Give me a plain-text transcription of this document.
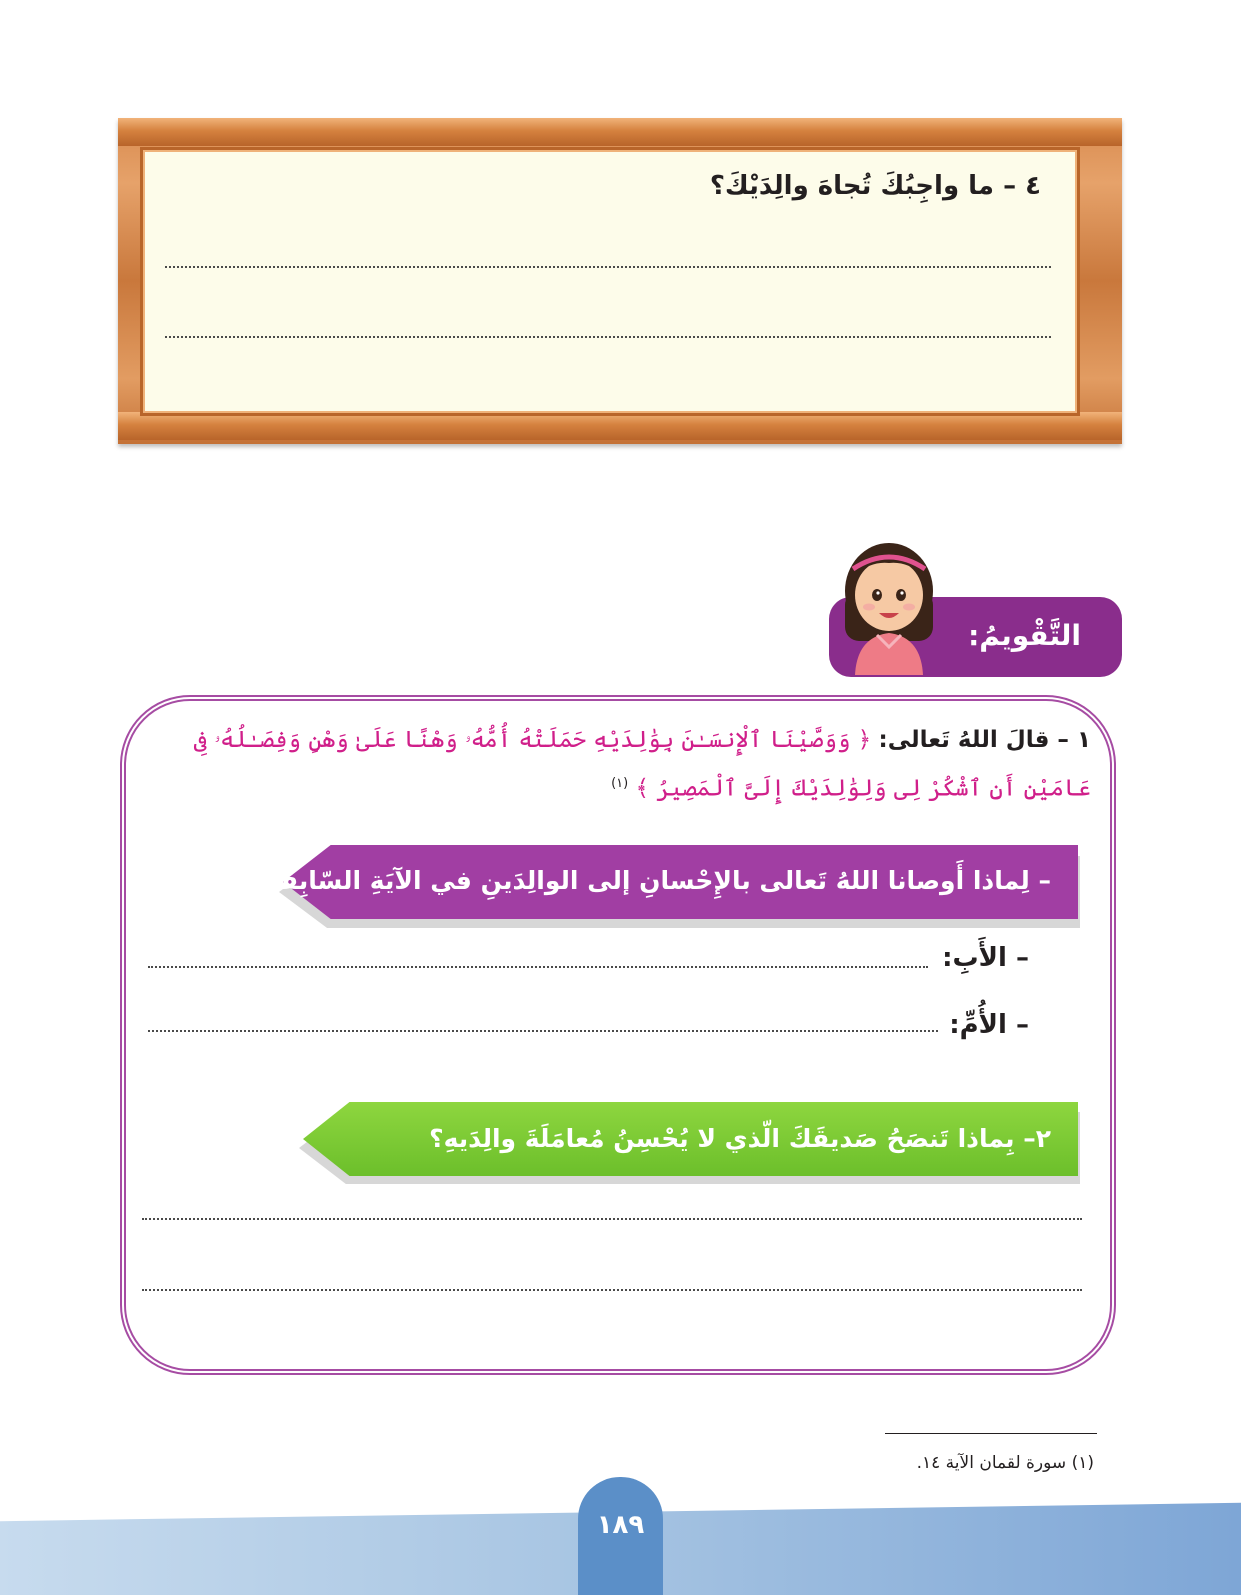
٤ – ما واجِبُكَ تُجاهَ والِدَيْكَ؟
التَّقْويمُ:
١ – قالَ اللهُ تَعالى: ﴿ وَوَصَّيْنَا ٱلْإِنسَـٰنَ بِوَٰلِدَيْهِ حَمَلَتْهُ أُمُّهُۥ وَهْنًا عَلَىٰ وَهْنٍ وَفِصَـٰلُهُۥ فِى عَامَيْنِ أَنِ ٱشْكُرْ لِى وَلِوَٰلِدَيْكَ إِلَىَّ ٱلْمَصِيرُ ﴾ $^{(١)}$
– لِماذا أَوصانا اللهُ تَعالى بالإِحْسانِ إلى الوالِدَينِ في الآيَةِ السّابِقَةِ؟
– الأَبِ:
– الأُمِّ:
٢– بِماذا تَنصَحُ صَديقَكَ الّذي لا يُحْسِنُ مُعامَلَةَ والِدَيهِ؟
(١) سورة لقمان الآية ١٤.
١٨٩
